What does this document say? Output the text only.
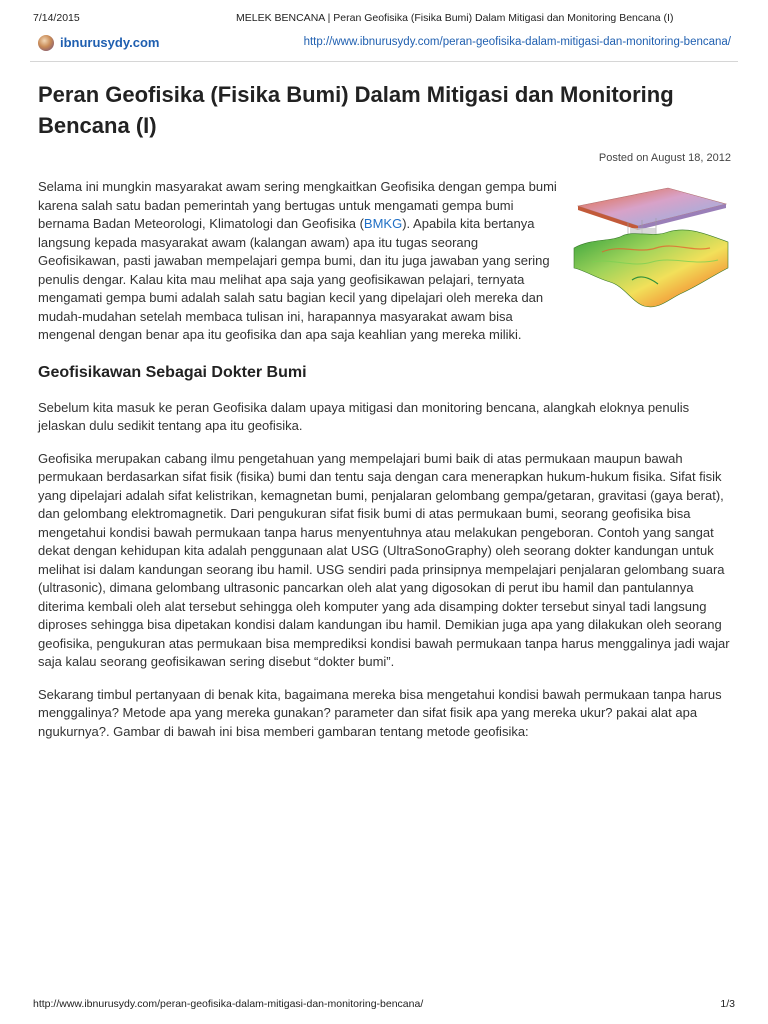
7/14/2015	MELEK BENCANA | Peran Geofisika (Fisika Bumi) Dalam Mitigasi dan Monitoring Bencana (I)
ibnurusydy.com	http://www.ibnurusydy.com/peran-geofisika-dalam-mitigasi-dan-monitoring-bencana/
Peran Geofisika (Fisika Bumi) Dalam Mitigasi dan Monitoring Bencana (I)
Posted on August 18, 2012

Selama ini mungkin masyarakat awam sering mengkaitkan Geofisika dengan gempa bumi karena salah satu badan pemerintah yang bertugas untuk mengamati gempa bumi bernama Badan Meteorologi, Klimatologi dan Geofisika (BMKG). Apabila kita bertanya langsung kepada masyarakat awam (kalangan awam) apa itu tugas seorang Geofisikawan, pasti jawaban mempelajari gempa bumi, dan itu juga jawaban yang sering penulis dengar. Kalau kita mau melihat apa saja yang geofisikawan pelajari, ternyata mengamati gempa bumi adalah salah satu bagian kecil yang dipelajari oleh mereka dan mudah-mudahan setelah membaca tulisan ini, harapannya masyarakat awam bisa mengenal dengan benar apa itu geofisika dan apa saja keahlian yang mereka miliki.

Geofisikawan Sebagai Dokter Bumi

Sebelum kita masuk ke peran Geofisika dalam upaya mitigasi dan monitoring bencana, alangkah eloknya penulis jelaskan dulu sedikit tentang apa itu geofisika.

Geofisika merupakan cabang ilmu pengetahuan yang mempelajari bumi baik di atas permukaan maupun bawah permukaan berdasarkan sifat fisik (fisika) bumi dan tentu saja dengan cara menerapkan hukum-hukum fisika. Sifat fisik yang dipelajari adalah sifat kelistrikan, kemagnetan bumi, penjalaran gelombang gempa/getaran, gravitasi (gaya berat), dan gelombang elektromagnetik. Dari pengukuran sifat fisik bumi di atas permukaan bumi, seorang geofisika bisa mengetahui kondisi bawah permukaan tanpa harus menyentuhnya atau melakukan pengeboran. Contoh yang sangat dekat dengan kehidupan kita adalah penggunaan alat USG (UltraSonoGraphy) oleh seorang dokter kandungan untuk melihat isi dalam kandungan seorang ibu hamil. USG sendiri pada prinsipnya mempelajari penjalaran gelombang suara (ultrasonic), dimana gelombang ultrasonic pancarkan oleh alat yang digosokan di perut ibu hamil dan pantulannya diterima kembali oleh alat tersebut sehingga oleh komputer yang ada disamping dokter tersebut sinyal tadi langsung diproses sehingga bisa dipetakan kondisi dalam kandungan ibu hamil. Demikian juga apa yang dilakukan oleh seorang geofisika, pengukuran atas permukaan bisa memprediksi kondisi bawah permukaan tanpa harus menggalinya jadi wajar saja kalau seorang geofisikawan sering disebut “dokter bumi”.

Sekarang timbul pertanyaan di benak kita, bagaimana mereka bisa mengetahui kondisi bawah permukaan tanpa harus menggalinya? Metode apa yang mereka gunakan? parameter dan sifat fisik apa yang mereka ukur? pakai alat apa ngukurnya?. Gambar di bawah ini bisa memberi gambaran tentang metode geofisika:

http://www.ibnurusydy.com/peran-geofisika-dalam-mitigasi-dan-monitoring-bencana/	1/3
